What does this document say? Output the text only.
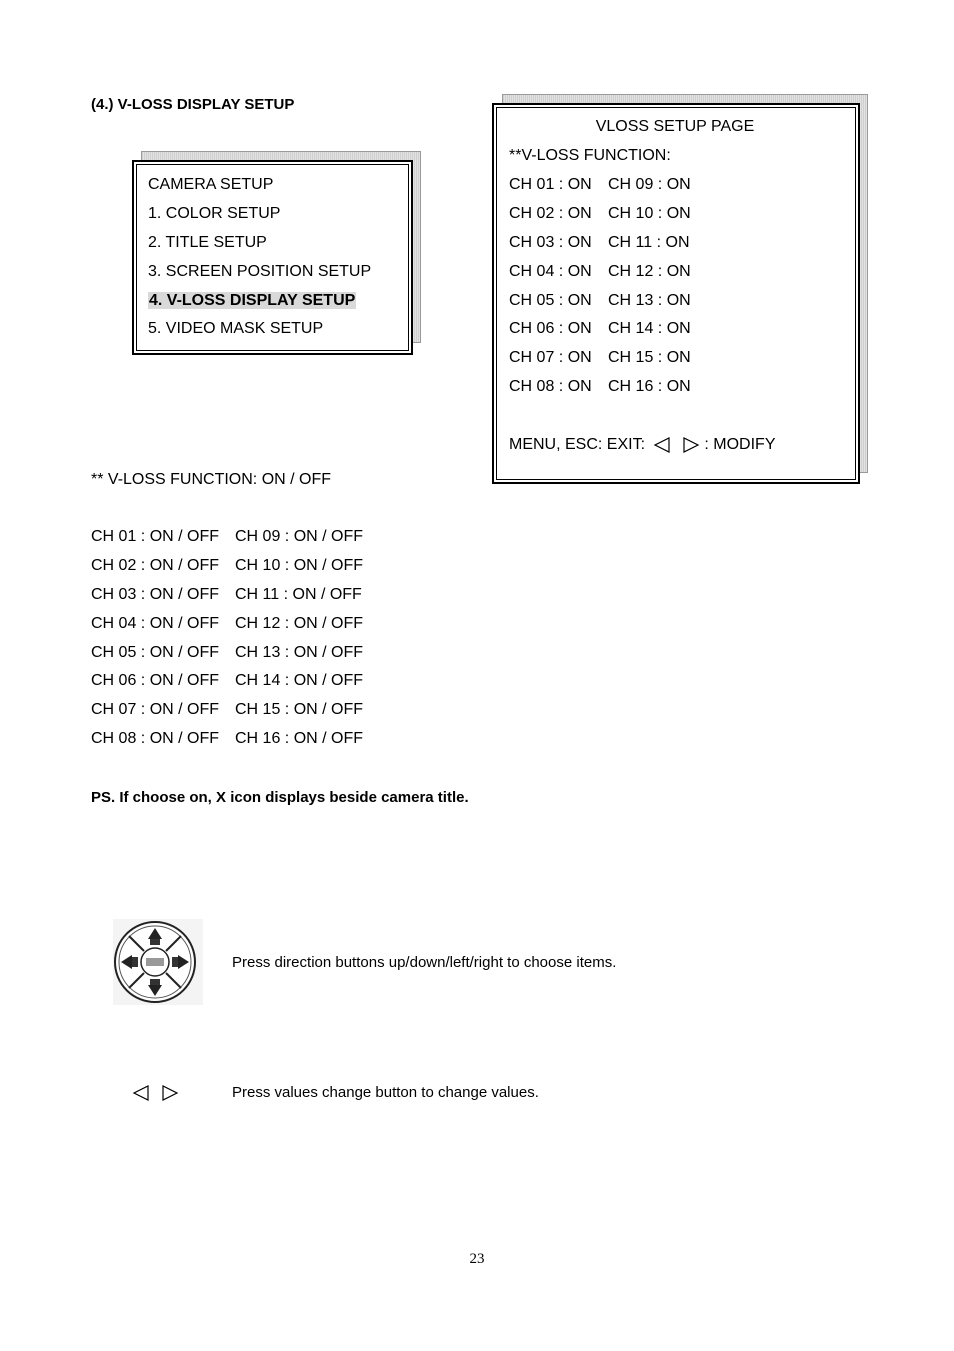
(4.) V-LOSS DISPLAY SETUP
CAMERA SETUP
1. COLOR SETUP
2. TITLE SETUP
3. SCREEN POSITION SETUP
4. V-LOSS DISPLAY SETUP
5. VIDEO MASK SETUP
VLOSS SETUP PAGE
**V-LOSS FUNCTION:
CH 01 : ON
CH 02 : ON
CH 03 : ON
CH 04 : ON
CH 05 : ON
CH 06 : ON
CH 07 : ON
CH 08 : ON
CH 09 : ON
CH 10 : ON
CH 11 : ON
CH 12 : ON
CH 13 : ON
CH 14 : ON
CH 15 : ON
CH 16 : ON
MENU, ESC: EXIT:	: MODIFY
** V-LOSS FUNCTION: ON / OFF
CH 01 : ON / OFF
CH 02 : ON / OFF
CH 03 : ON / OFF
CH 04 : ON / OFF
CH 05 : ON / OFF
CH 06 : ON / OFF
CH 07 : ON / OFF
CH 08 : ON / OFF
CH 09 : ON / OFF
CH 10 : ON / OFF
CH 11 : ON / OFF
CH 12 : ON / OFF
CH 13 : ON / OFF
CH 14 : ON / OFF
CH 15 : ON / OFF
CH 16 : ON / OFF
PS. If choose on, X icon displays beside camera title.
Press direction buttons up/down/left/right to choose items.
Press values change button to change values.
23
